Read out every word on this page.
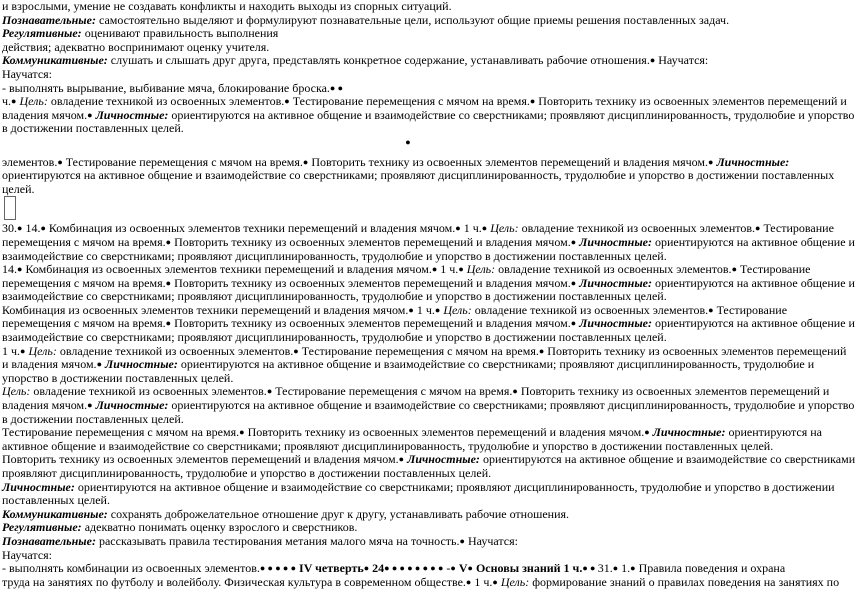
и взрослыми, умение не создавать конфликты и находить выходы из спорных ситуаций.
Познавательные: самостоятельно выделяют и формулируют познавательные цели, используют общие приемы решения поставленных задач.
Регулятивные: оценивают правильность выполнения
действия; адекватно воспринимают оценку учителя.
Коммуникативные: слушать и слышать друг друга, представлять конкретное содержание, устанавливать рабочие отношения.● Научатся:
Научатся:
- выполнять вырывание, выбивание мяча, блокирование броска.● ●
ч.● Цель: овладение техникой из освоенных элементов.● Тестирование перемещения с мячом на время.● Повторить технику из освоенных элементов перемещений и
владения мячом.● Личностные: ориентируются на активное общение и взаимодействие со сверстниками; проявляют дисциплинированность, трудолюбие и упорство
в достижении поставленных целей.
●
элементов.● Тестирование перемещения с мячом на время.● Повторить технику из освоенных элементов перемещений и владения мячом.● Личностные:
ориентируются на активное общение и взаимодействие со сверстниками; проявляют дисциплинированность, трудолюбие и упорство в достижении поставленных
целей.
30.● 14.● Комбинация из освоенных элементов техники перемещений и владения мячом.● 1 ч.● Цель: овладение техникой из освоенных элементов.● Тестирование
перемещения с мячом на время.● Повторить технику из освоенных элементов перемещений и владения мячом.● Личностные: ориентируются на активное общение и
взаимодействие со сверстниками; проявляют дисциплинированность, трудолюбие и упорство в достижении поставленных целей.
14.● Комбинация из освоенных элементов техники перемещений и владения мячом.● 1 ч.● Цель: овладение техникой из освоенных элементов.● Тестирование
перемещения с мячом на время.● Повторить технику из освоенных элементов перемещений и владения мячом.● Личностные: ориентируются на активное общение и
взаимодействие со сверстниками; проявляют дисциплинированность, трудолюбие и упорство в достижении поставленных целей.
Комбинация из освоенных элементов техники перемещений и владения мячом.● 1 ч.● Цель: овладение техникой из освоенных элементов.● Тестирование
перемещения с мячом на время.● Повторить технику из освоенных элементов перемещений и владения мячом.● Личностные: ориентируются на активное общение и
взаимодействие со сверстниками; проявляют дисциплинированность, трудолюбие и упорство в достижении поставленных целей.
1 ч.● Цель: овладение техникой из освоенных элементов.● Тестирование перемещения с мячом на время.● Повторить технику из освоенных элементов перемещений
и владения мячом.● Личностные: ориентируются на активное общение и взаимодействие со сверстниками; проявляют дисциплинированность, трудолюбие и
упорство в достижении поставленных целей.
Цель: овладение техникой из освоенных элементов.● Тестирование перемещения с мячом на время.● Повторить технику из освоенных элементов перемещений и
владения мячом.● Личностные: ориентируются на активное общение и взаимодействие со сверстниками; проявляют дисциплинированность, трудолюбие и упорство
в достижении поставленных целей.
Тестирование перемещения с мячом на время.● Повторить технику из освоенных элементов перемещений и владения мячом.● Личностные: ориентируются на
активное общение и взаимодействие со сверстниками; проявляют дисциплинированность, трудолюбие и упорство в достижении поставленных целей.
Повторить технику из освоенных элементов перемещений и владения мячом.● Личностные: ориентируются на активное общение и взаимодействие со сверстниками
проявляют дисциплинированность, трудолюбие и упорство в достижении поставленных целей.
Личностные: ориентируются на активное общение и взаимодействие со сверстниками; проявляют дисциплинированность, трудолюбие и упорство в достижении
поставленных целей.
Коммуникативные: сохранять доброжелательное отношение друг к другу, устанавливать рабочие отношения.
Регулятивные: адекватно понимать оценку взрослого и сверстников.
Познавательные: рассказывать правила тестирования метания малого мяча на точность.● Научатся:
Научатся:
- выполнять комбинации из освоенных элементов.● ● ● ● ● IV четверть● 24● ● ● ● ● ● ● ● -● V● Основы знаний 1 ч.● ● 31.● 1.● Правила поведения и охрана
труда на занятиях по футболу и волейболу. Физическая культура в современном обществе.● 1 ч.● Цель: формирование знаний о правилах поведения на занятиях по
